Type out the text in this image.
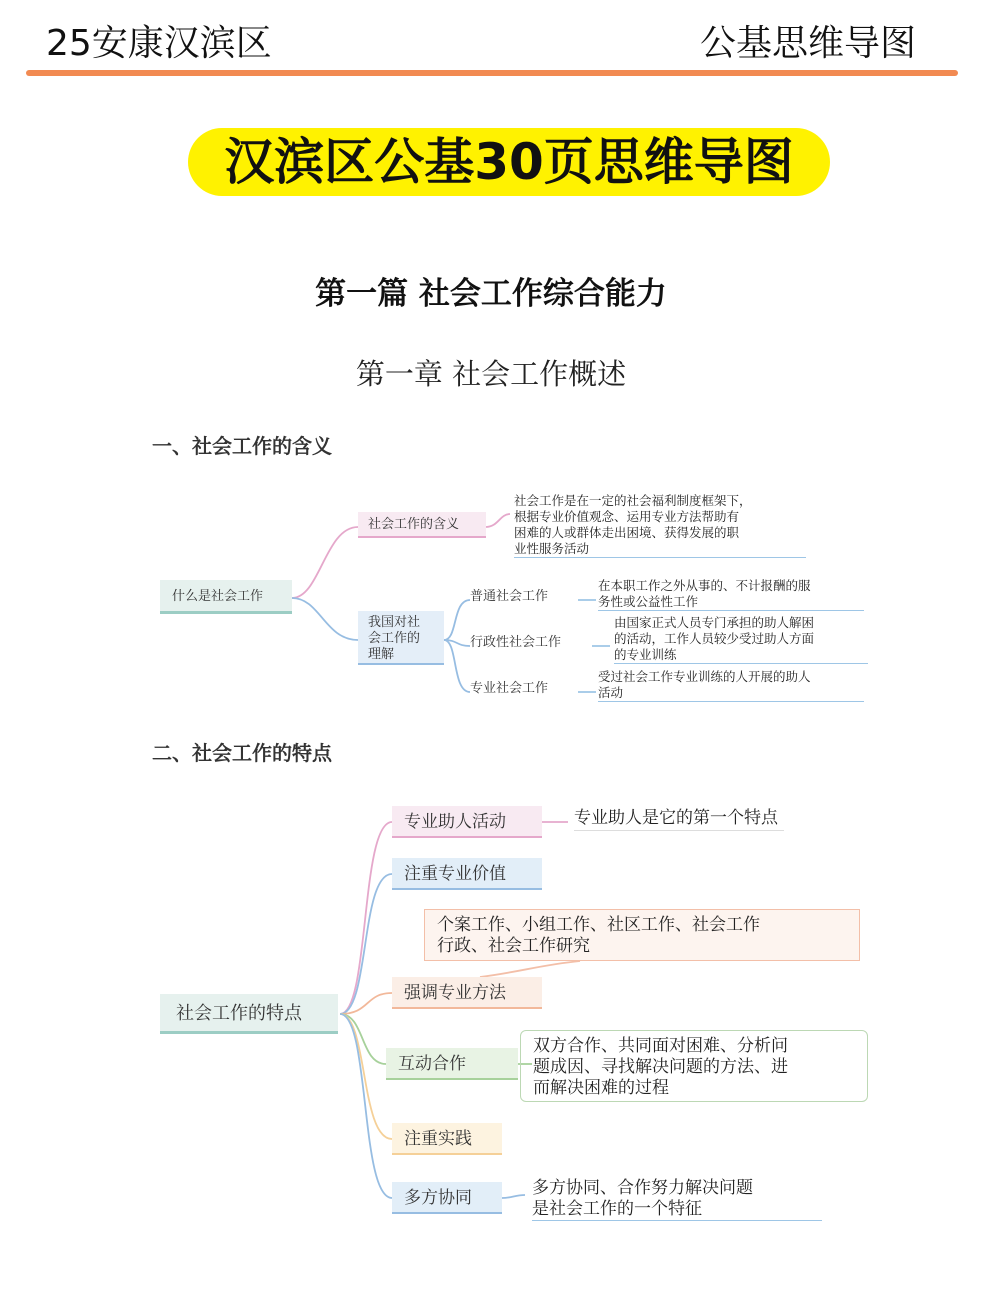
25安康汉滨区	公基思维导图
汉滨区公基30页思维导图
第一篇 社会工作综合能力
第一章 社会工作概述
一、社会工作的含义
什么是社会工作
社会工作的含义
社会工作是在一定的社会福利制度框架下，
根据专业价值观念、运用专业方法帮助有
困难的人或群体走出困境、获得发展的职
业性服务活动
我国对社
会工作的
理解
普通社会工作
在本职工作之外从事的、不计报酬的服
务性或公益性工作
行政性社会工作
由国家正式人员专门承担的助人解困
的活动，工作人员较少受过助人方面
的专业训练
专业社会工作
受过社会工作专业训练的人开展的助人
活动
二、社会工作的特点
社会工作的特点
专业助人活动	专业助人是它的第一个特点
注重专业价值
个案工作、小组工作、社区工作、社会工作
行政、社会工作研究
强调专业方法
互动合作
双方合作、共同面对困难、分析问
题成因、寻找解决问题的方法、进
而解决困难的过程
注重实践
多方协同	多方协同、合作努力解决问题
是社会工作的一个特征
